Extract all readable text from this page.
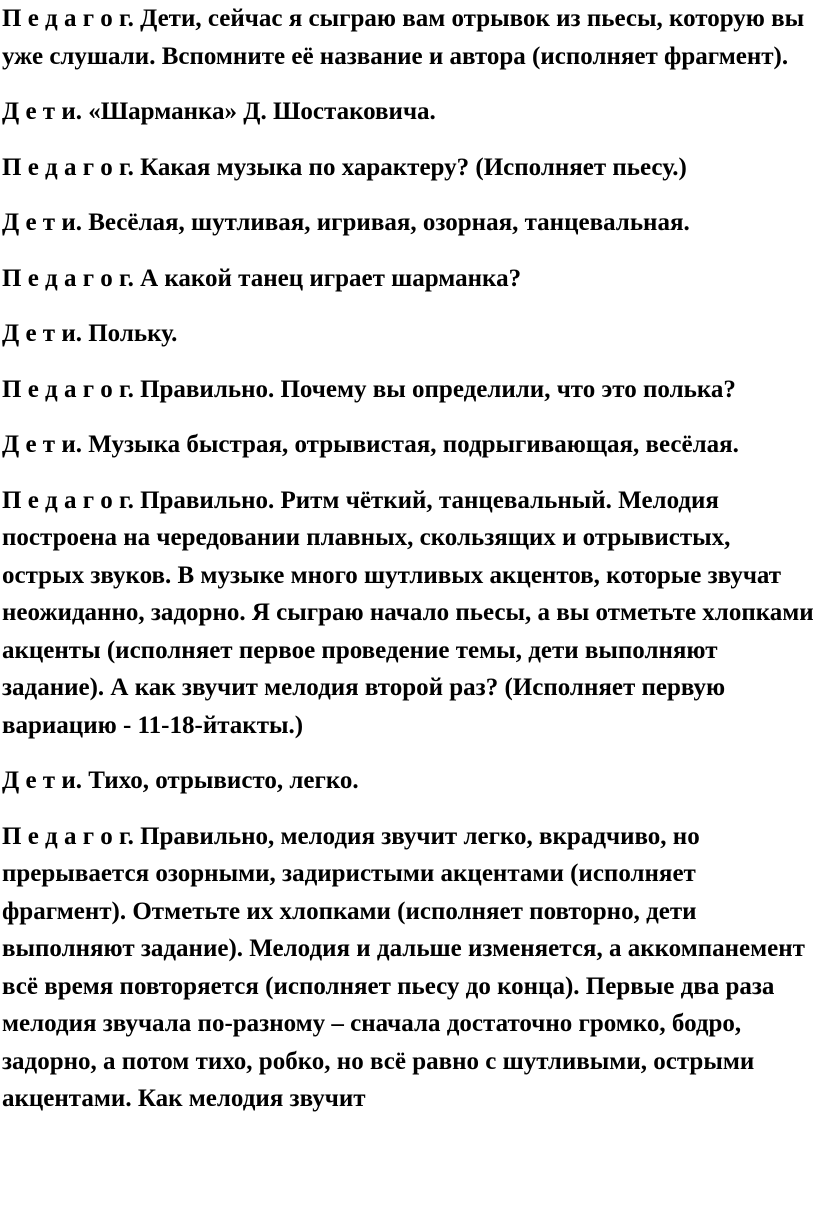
П е д а г о г. Дети, сейчас я сыграю вам отрывок из пьесы, которую вы уже слушали. Вспомните её название и автора (исполняет фрагмент).

Д е т и. «Шарманка» Д. Шостаковича.

П е д а г о г. Какая музыка по характеру? (Исполняет пьесу.)

Д е т и. Весёлая, шутливая, игривая, озорная, танцевальная.

П е д а г о г. А какой танец играет шарманка?

Д е т и. Польку.

П е д а г о г. Правильно. Почему вы определили, что это полька?

Д е т и. Музыка быстрая, отрывистая, подрыгивающая, весёлая.

П е д а г о г. Правильно. Ритм чёткий, танцевальный. Мелодия построена на чередовании плавных, скользящих и отрывистых, острых звуков. В музыке много шутливых акцентов, которые звучат неожиданно, задорно. Я сыграю начало пьесы, а вы отметьте хлопками акценты (исполняет первое проведение темы, дети выполняют задание). А как звучит мелодия второй раз? (Исполняет первую вариацию - 11-18-йтакты.)

Д е т и. Тихо, отрывисто, легко.

П е д а г о г. Правильно, мелодия звучит легко, вкрадчиво, но прерывается озорными, задиристыми акцентами (исполняет фрагмент). Отметьте их хлопками (исполняет повторно, дети выполняют задание). Мелодия и дальше изменяется, а аккомпанемент всё время повторяется (исполняет пьесу до конца). Первые два раза мелодия звучала по-разному – сначала достаточно громко, бодро, задорно, а потом тихо, робко, но всё равно с шутливыми, острыми акцентами. Как мелодия звучит
